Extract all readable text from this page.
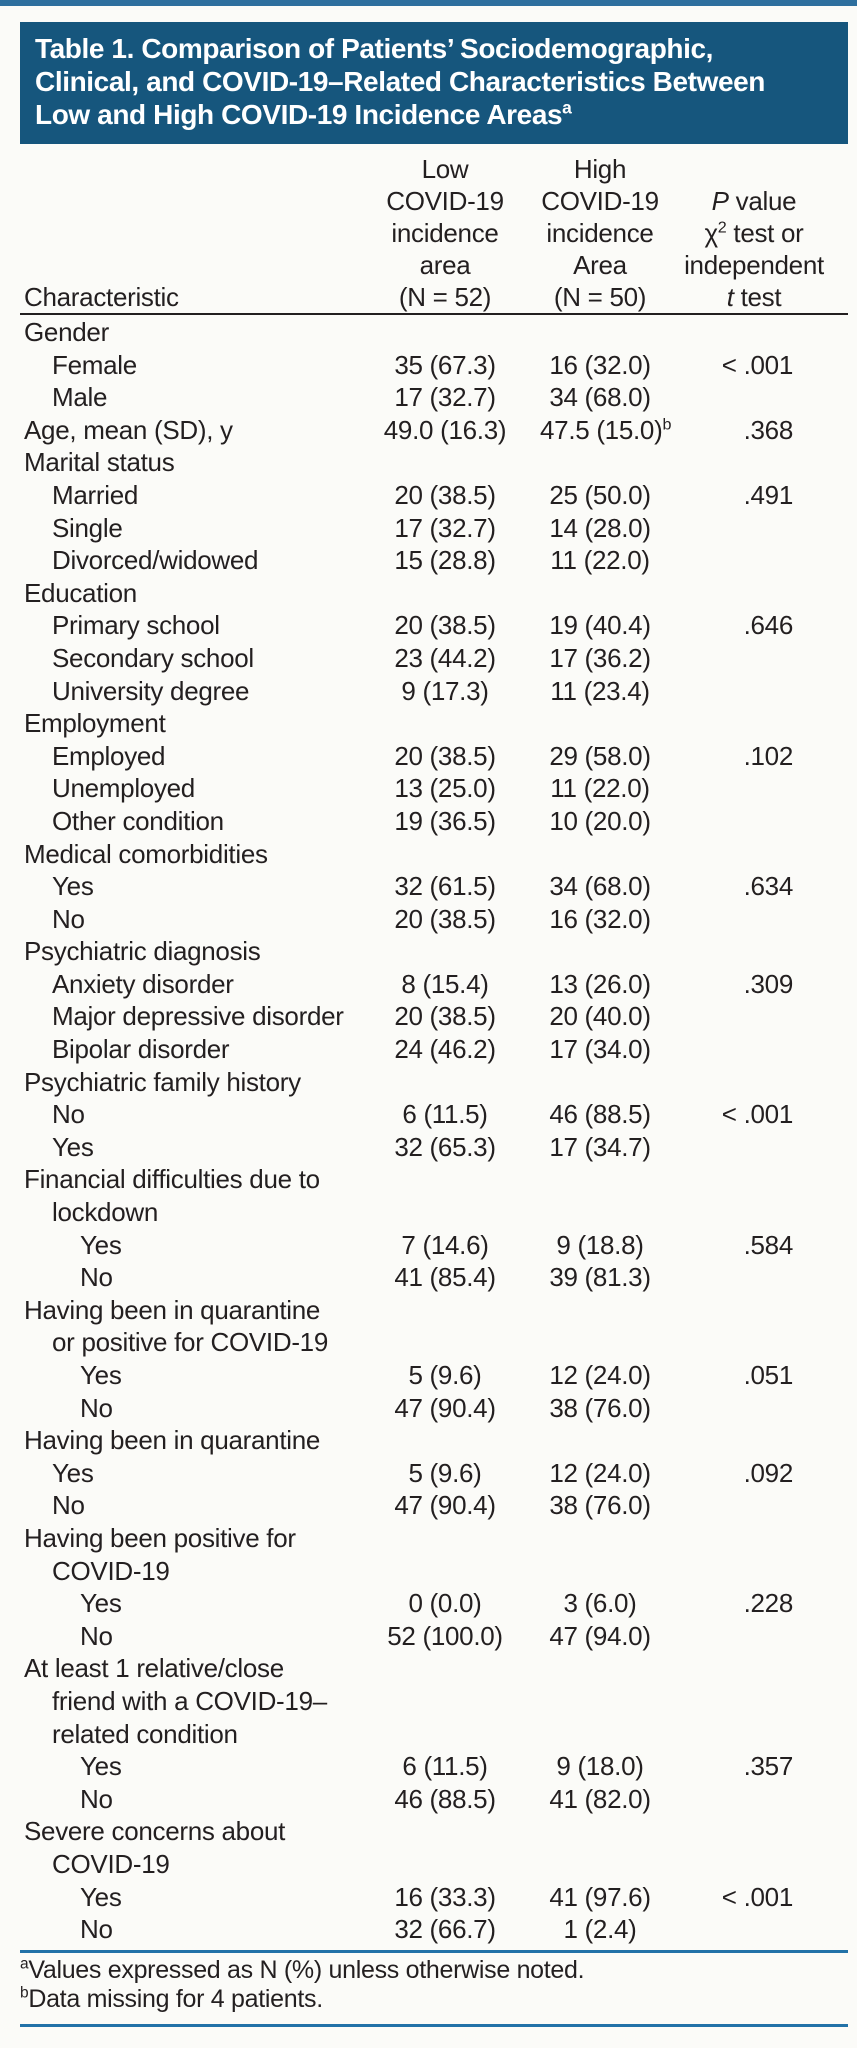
Table 1. Comparison of Patients’ Sociodemographic,
Clinical, and COVID-19–Related Characteristics Between
Low and High COVID-19 Incidence Areas$^a$
Characteristic
Low
COVID-19
incidence
area
(N = 52)
High
COVID-19
incidence
Area
(N = 50)
P value
$\chi^2$ test or
independent
t test
Gender
Female	35 (67.3)	16 (32.0)	< .001
Male	17 (32.7)	34 (68.0)
Age, mean (SD), y	49.0 (16.3)	47.5 $(15.0)^b$	.368
Marital status
Married	20 (38.5)	25 (50.0)	.491
Single	17 (32.7)	14 (28.0)
Divorced/widowed	15 (28.8)	11 (22.0)
Education
Primary school	20 (38.5)	19 (40.4)	.646
Secondary school	23 (44.2)	17 (36.2)
University degree	9 (17.3)	11 (23.4)
Employment
Employed	20 (38.5)	29 (58.0)	.102
Unemployed	13 (25.0)	11 (22.0)
Other condition	19 (36.5)	10 (20.0)
Medical comorbidities
Yes	32 (61.5)	34 (68.0)	.634
No	20 (38.5)	16 (32.0)
Psychiatric diagnosis
Anxiety disorder	8 (15.4)	13 (26.0)	.309
Major depressive disorder	20 (38.5)	20 (40.0)
Bipolar disorder	24 (46.2)	17 (34.0)
Psychiatric family history
No	6 (11.5)	46 (88.5)	< .001
Yes	32 (65.3)	17 (34.7)
Financial difficulties due to
lockdown
Yes	7 (14.6)	9 (18.8)	.584
No	41 (85.4)	39 (81.3)
Having been in quarantine
or positive for COVID-19
Yes	5 (9.6)	12 (24.0)	.051
No	47 (90.4)	38 (76.0)
Having been in quarantine
Yes	5 (9.6)	12 (24.0)	.092
No	47 (90.4)	38 (76.0)
Having been positive for
COVID-19
Yes	0 (0.0)	3 (6.0)	.228
No	52 (100.0)	47 (94.0)
At least 1 relative/close
friend with a COVID-19–
related condition
Yes	6 (11.5)	9 (18.0)	.357
No	46 (88.5)	41 (82.0)
Severe concerns about
COVID-19
Yes	16 (33.3)	41 (97.6)	< .001
No	32 (66.7)	1 (2.4)
$^a$Values expressed as N (%) unless otherwise noted.
$^b$Data missing for 4 patients.
